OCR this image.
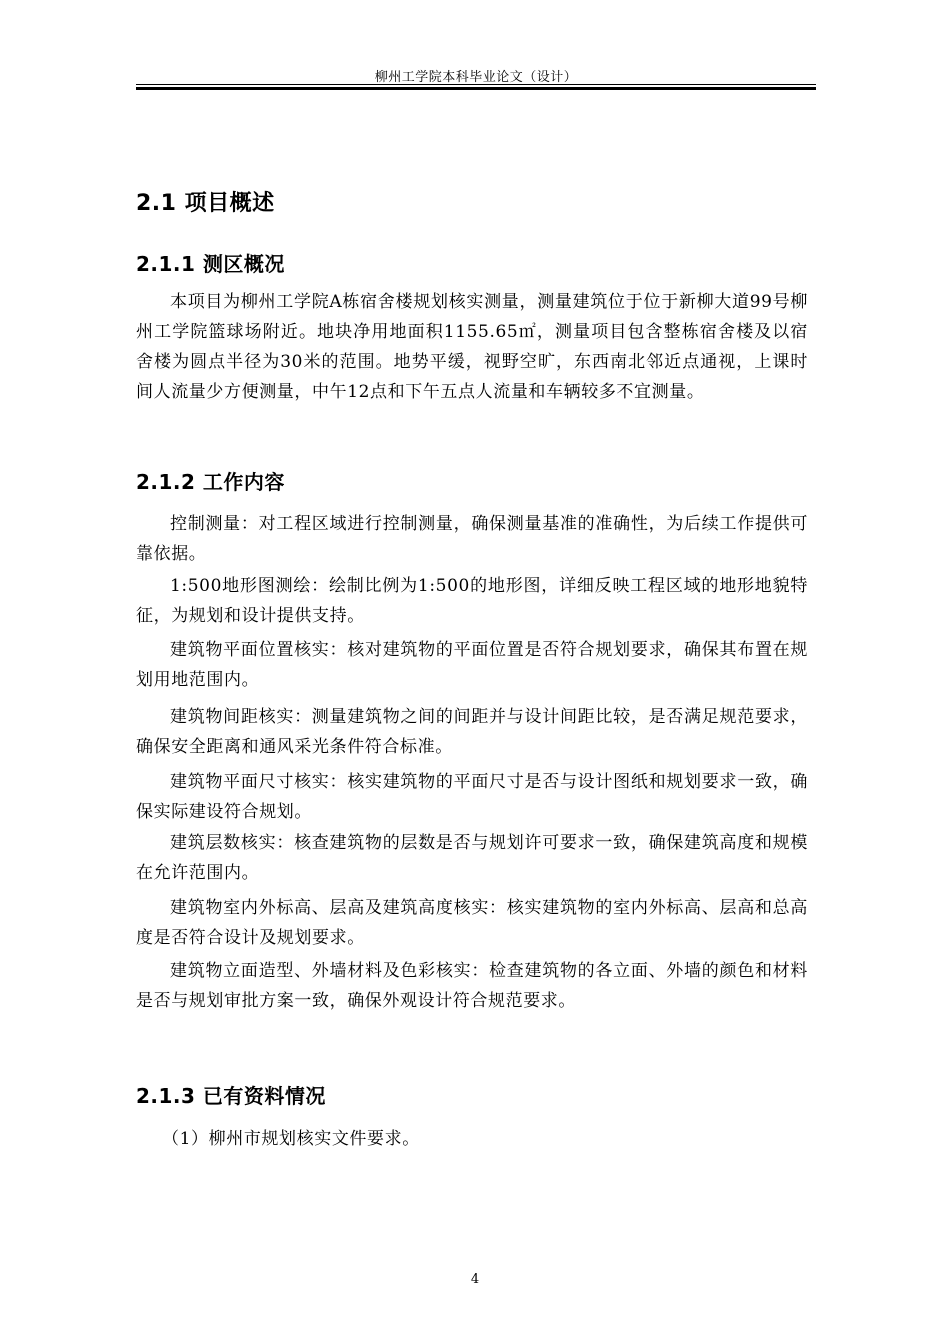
柳州工学院本科毕业论文（设计）
2.1 项目概述
2.1.1 测区概况
本项目为柳州工学院A栋宿舍楼规划核实测量，测量建筑位于位于新柳大道99号柳州工学院篮球场附近。地块净用地面积1155.65㎡，测量项目包含整栋宿舍楼及以宿舍楼为圆点半径为30米的范围。地势平缓，视野空旷，东西南北邻近点通视，上课时间人流量少方便测量，中午12点和下午五点人流量和车辆较多不宜测量。
2.1.2 工作内容
控制测量：对工程区域进行控制测量，确保测量基准的准确性，为后续工作提供可靠依据。
1:500地形图测绘：绘制比例为1:500的地形图，详细反映工程区域的地形地貌特征，为规划和设计提供支持。
建筑物平面位置核实：核对建筑物的平面位置是否符合规划要求，确保其布置在规划用地范围内。
建筑物间距核实：测量建筑物之间的间距并与设计间距比较，是否满足规范要求，确保安全距离和通风采光条件符合标准。
建筑物平面尺寸核实：核实建筑物的平面尺寸是否与设计图纸和规划要求一致，确保实际建设符合规划。
建筑层数核实：核查建筑物的层数是否与规划许可要求一致，确保建筑高度和规模在允许范围内。
建筑物室内外标高、层高及建筑高度核实：核实建筑物的室内外标高、层高和总高度是否符合设计及规划要求。
建筑物立面造型、外墙材料及色彩核实：检查建筑物的各立面、外墙的颜色和材料是否与规划审批方案一致，确保外观设计符合规范要求。
2.1.3 已有资料情况
（1）柳州市规划核实文件要求。
4
